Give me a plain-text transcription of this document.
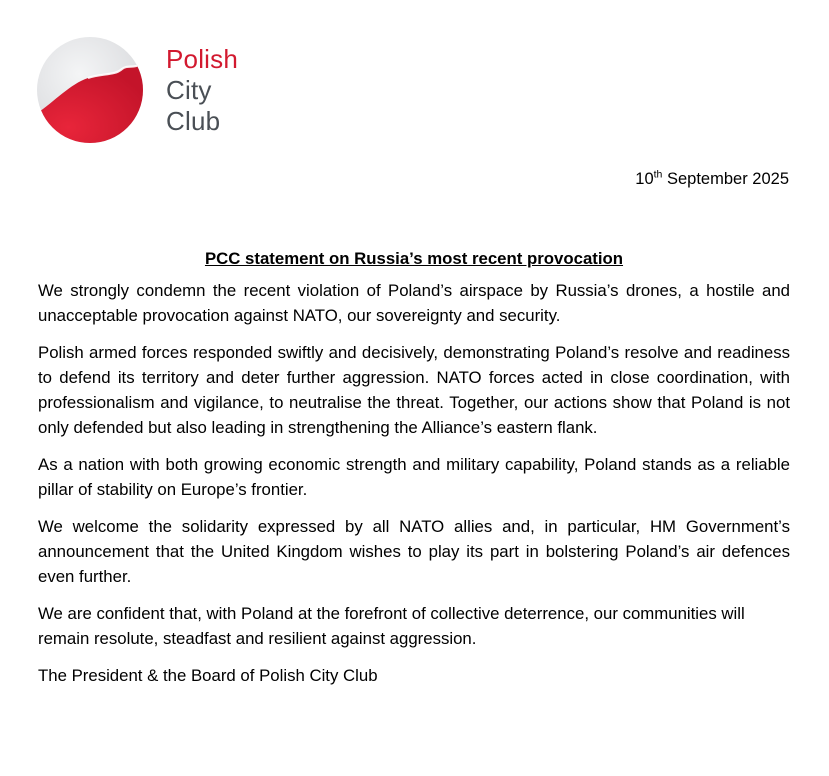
Polish
City
Club
10th September 2025
PCC statement on Russia’s most recent provocation

We strongly condemn the recent violation of Poland’s airspace by Russia’s drones, a hostile and unacceptable provocation against NATO, our sovereignty and security.

Polish armed forces responded swiftly and decisively, demonstrating Poland’s resolve and readiness to defend its territory and deter further aggression. NATO forces acted in close coordination, with professionalism and vigilance, to neutralise the threat. Together, our actions show that Poland is not only defended but also leading in strengthening the Alliance’s eastern flank.

As a nation with both growing economic strength and military capability, Poland stands as a reliable pillar of stability on Europe’s frontier.

We welcome the solidarity expressed by all NATO allies and, in particular, HM Government’s announcement that the United Kingdom wishes to play its part in bolstering Poland’s air defences even further.

We are confident that, with Poland at the forefront of collective deterrence, our communities will remain resolute, steadfast and resilient against aggression.

The President & the Board of Polish City Club
